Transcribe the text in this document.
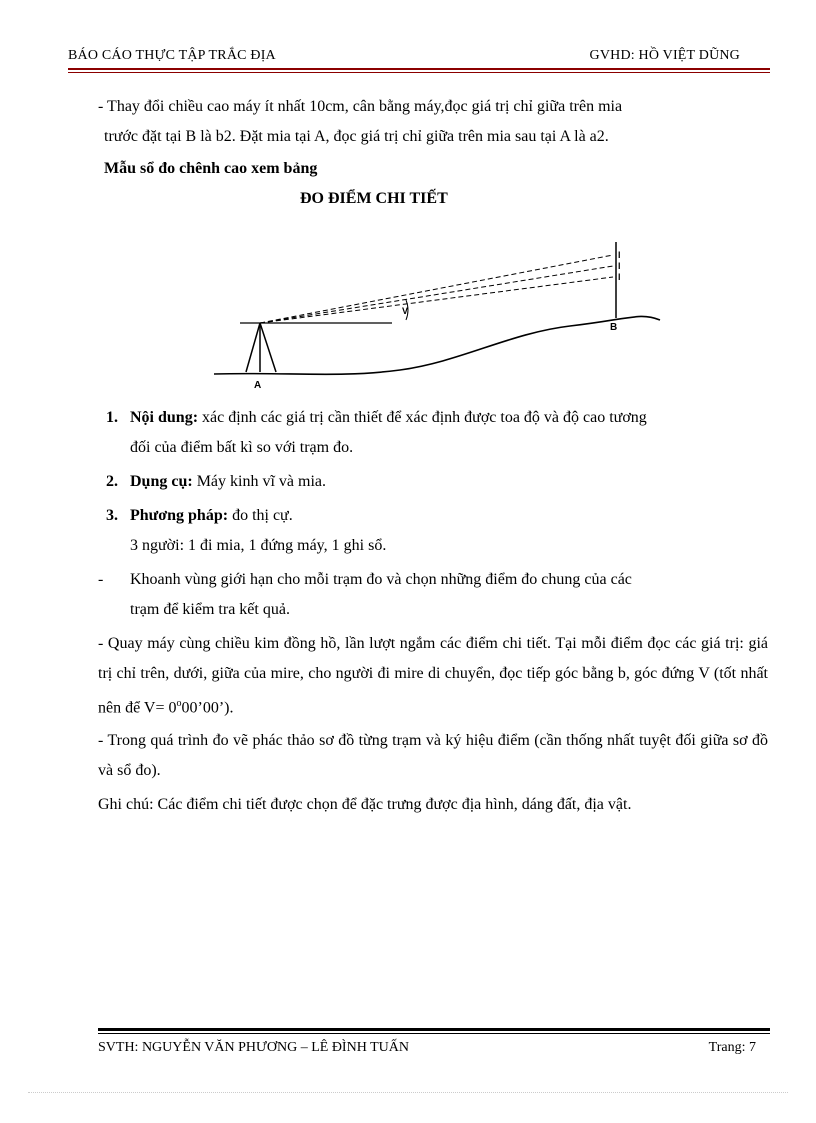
BÁO CÁO THỰC TẬP TRẮC ĐỊA	GVHD: HỒ VIỆT DŨNG
- Thay đổi chiều cao máy ít nhất 10cm, cân bằng máy,đọc giá trị chỉ giữa trên mia
trước đặt tại B là b2. Đặt mia tại A, đọc giá trị chỉ giữa trên mia sau tại A là a2.
Mẫu sổ đo chênh cao xem bảng
ĐO ĐIỂM CHI TIẾT
V
l
l
l
A
B
1. Nội dung: xác định các giá trị cần thiết để xác định được toa độ và độ cao tương
đối của điểm bất kì so với trạm đo.
2. Dụng cụ: Máy kinh vĩ và mia.
3. Phương pháp: đo thị cự.
3 người: 1 đi mia, 1 đứng máy, 1 ghi sổ.
- Khoanh vùng giới hạn cho mỗi trạm đo và chọn những điểm đo chung của các
trạm để kiểm tra kết quả.
- Quay máy cùng chiều kim đồng hồ, lần lượt ngắm các điểm chi tiết. Tại mỗi điểm đọc các giá trị: giá trị chỉ trên, dưới, giữa của mire, cho người đi mire di chuyển, đọc tiếp góc bằng b, góc đứng V (tốt nhất nên để $V= 0^o00’00$’).
- Trong quá trình đo vẽ phác thảo sơ đồ từng trạm và ký hiệu điểm (cần thống nhất tuyệt đối giữa sơ đồ và sổ đo).
Ghi chú: Các điểm chi tiết được chọn để đặc trưng được địa hình, dáng đất, địa vật.
SVTH: NGUYỄN VĂN PHƯƠNG – LÊ ĐÌNH TUẤN	Trang: 7
